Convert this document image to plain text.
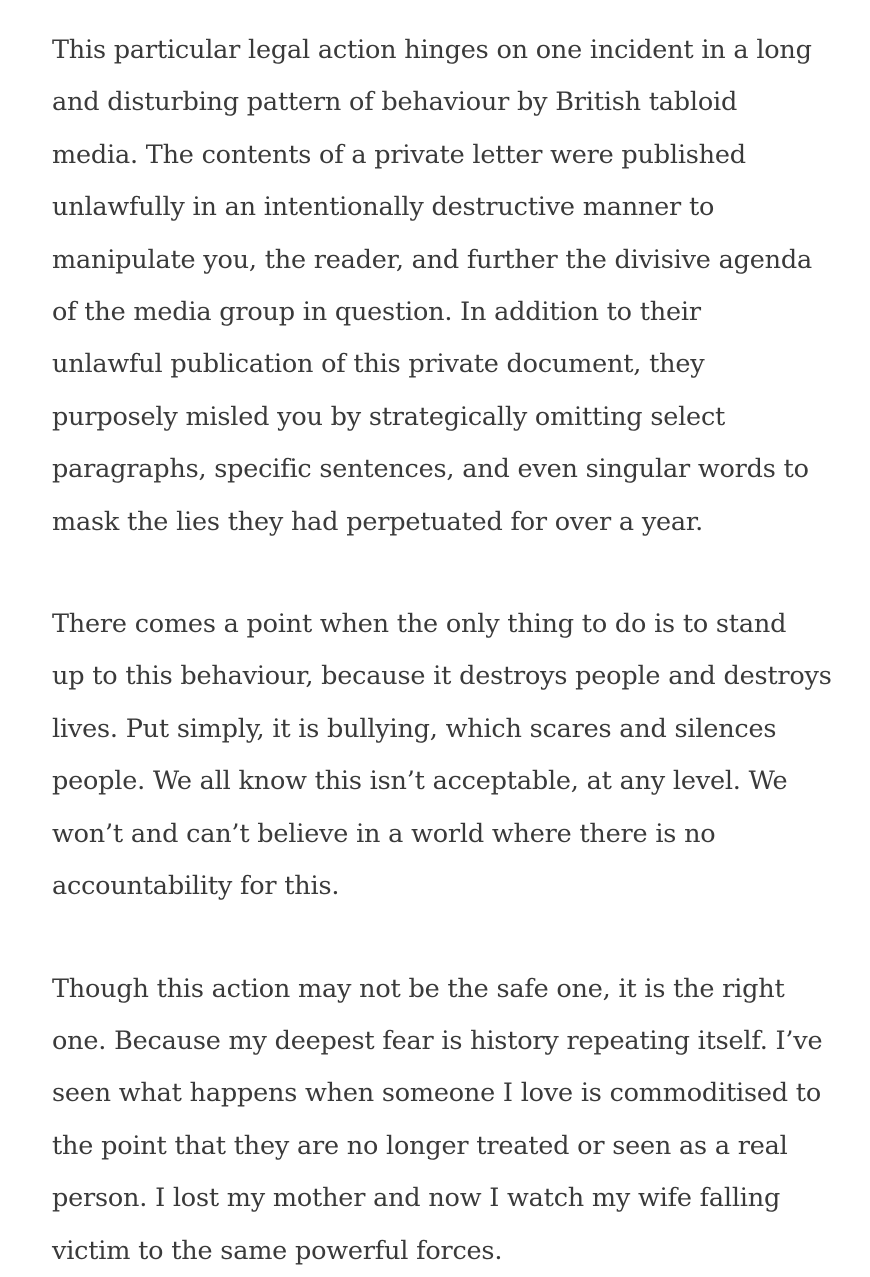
This particular legal action hinges on one incident in a long
and disturbing pattern of behaviour by British tabloid
media. The contents of a private letter were published
unlawfully in an intentionally destructive manner to
manipulate you, the reader, and further the divisive agenda
of the media group in question. In addition to their
unlawful publication of this private document, they
purposely misled you by strategically omitting select
paragraphs, specific sentences, and even singular words to
mask the lies they had perpetuated for over a year.

There comes a point when the only thing to do is to stand
up to this behaviour, because it destroys people and destroys
lives. Put simply, it is bullying, which scares and silences
people. We all know this isn’t acceptable, at any level. We
won’t and can’t believe in a world where there is no
accountability for this.

Though this action may not be the safe one, it is the right
one. Because my deepest fear is history repeating itself. I’ve
seen what happens when someone I love is commoditised to
the point that they are no longer treated or seen as a real
person. I lost my mother and now I watch my wife falling
victim to the same powerful forces.
